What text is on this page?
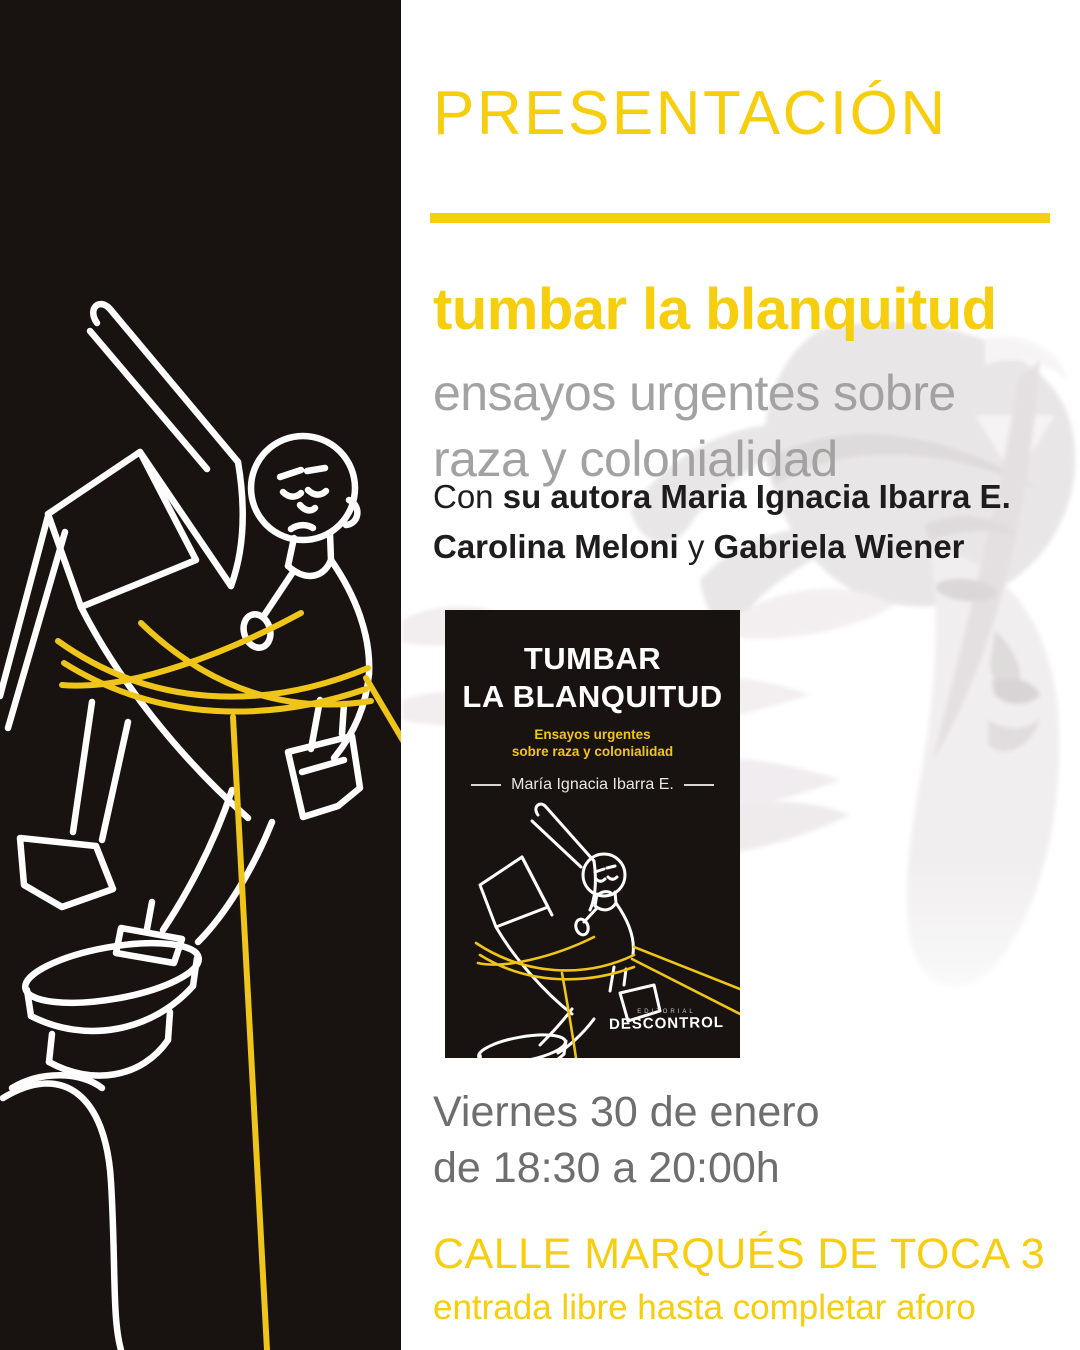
PRESENTACIÓN
tumbar la blanquitud

ensayos urgentes sobre
raza y colonialidad

Con su autora Maria Ignacia Ibarra E.
Carolina Meloni y Gabriela Wiener

TUMBAR
LA BLANQUITUD
Ensayos urgentes
sobre raza y colonialidad
María Ignacia Ibarra E.
EDITORIAL
DESCONTROL

Viernes 30 de enero
de 18:30 a 20:00h

CALLE MARQUÉS DE TOCA 3

entrada libre hasta completar aforo
